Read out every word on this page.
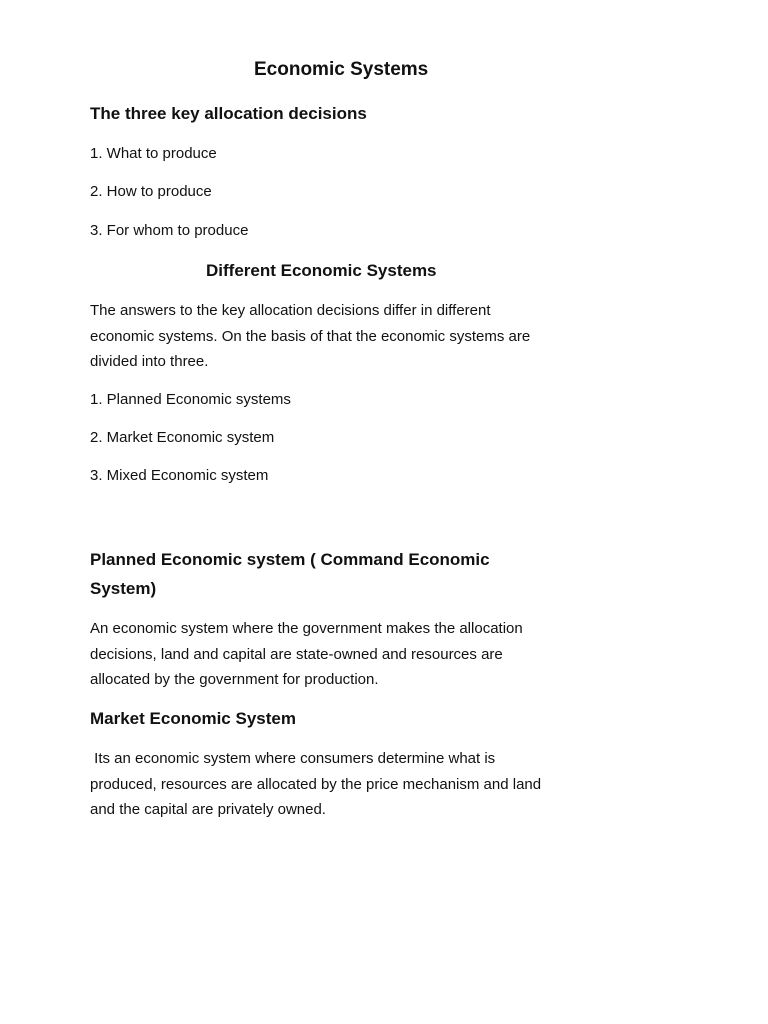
Economic Systems
The three key allocation decisions
1. What to produce
2. How to produce
3. For whom to produce
Different Economic Systems

The answers to the key allocation decisions differ in different economic systems. On the basis of that the economic systems are divided into three.

1. Planned Economic systems
2. Market Economic system
3. Mixed Economic system
Planned Economic system ( Command Economic System)

An economic system where the government makes the allocation decisions, land and capital are state-owned and resources are allocated by the government for production.

Market Economic System

Its an economic system where consumers determine what is produced, resources are allocated by the price mechanism and land and the capital are privately owned.
